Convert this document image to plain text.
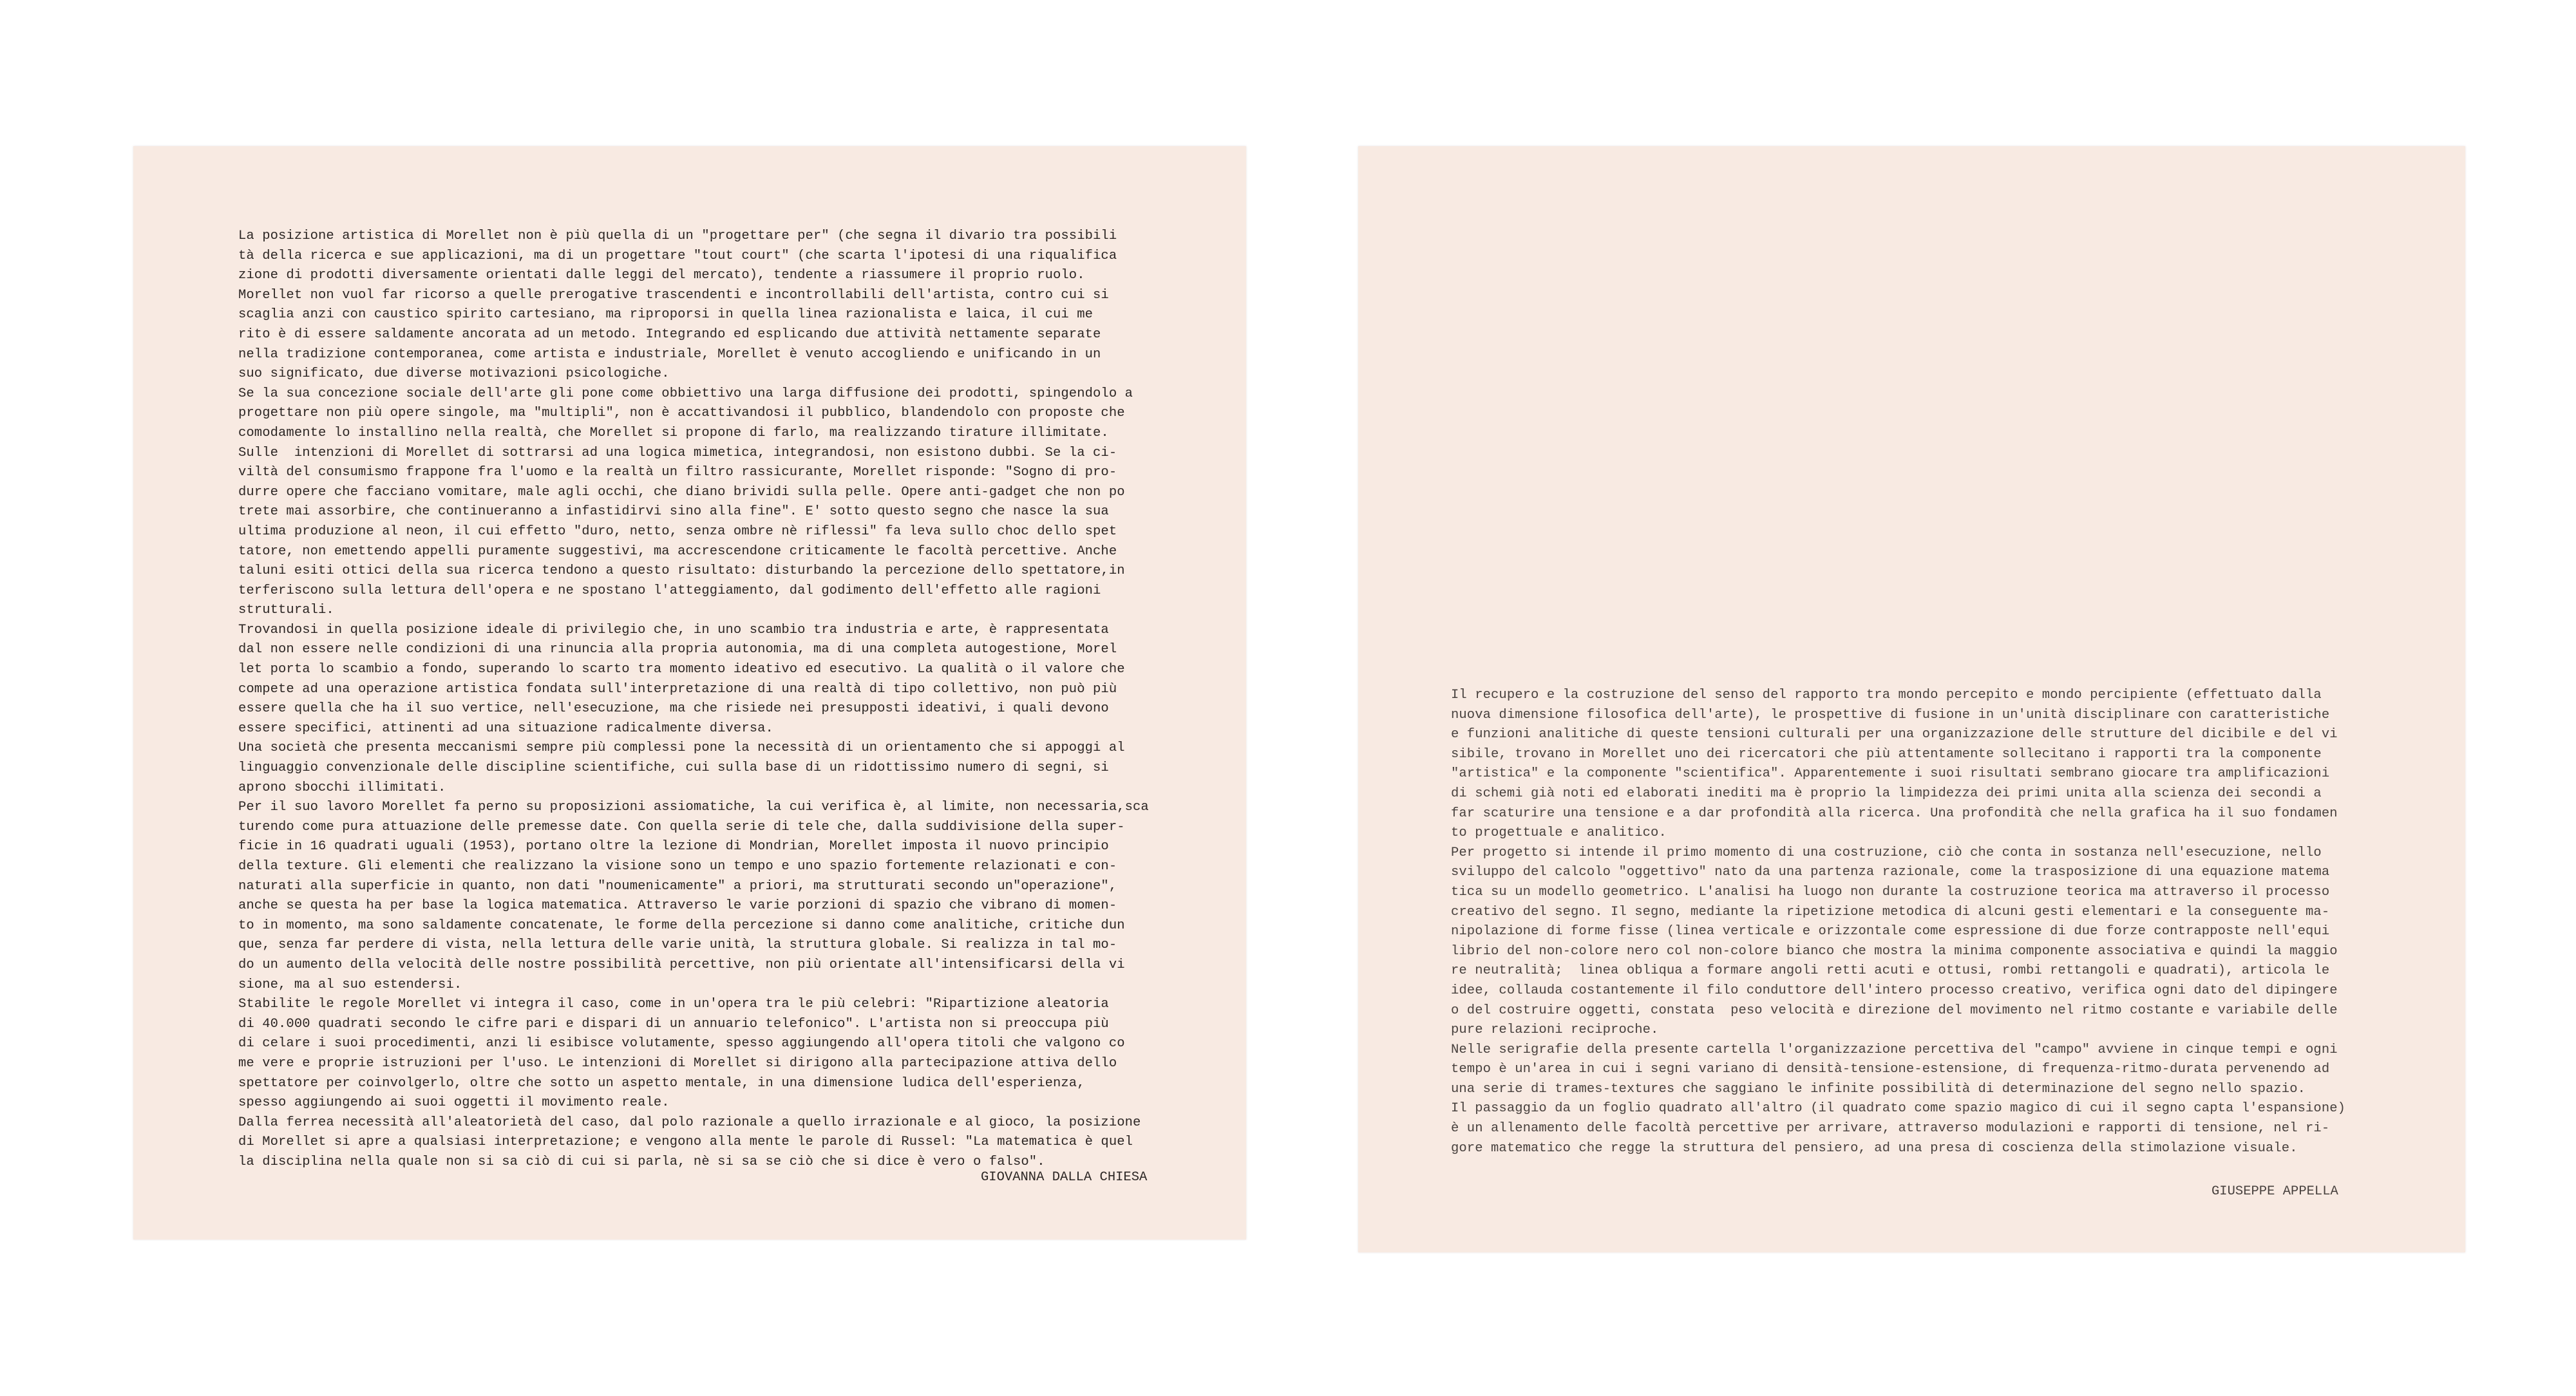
La posizione artistica di Morellet non è più quella di un "progettare per" (che segna il divario tra possibili
tà della ricerca e sue applicazioni, ma di un progettare "tout court" (che scarta l'ipotesi di una riqualifica
zione di prodotti diversamente orientati dalle leggi del mercato), tendente a riassumere il proprio ruolo.
Morellet non vuol far ricorso a quelle prerogative trascendenti e incontrollabili dell'artista, contro cui si
scaglia anzi con caustico spirito cartesiano, ma riproporsi in quella linea razionalista e laica, il cui me
rito è di essere saldamente ancorata ad un metodo. Integrando ed esplicando due attività nettamente separate
nella tradizione contemporanea, come artista e industriale, Morellet è venuto accogliendo e unificando in un
suo significato, due diverse motivazioni psicologiche.
Se la sua concezione sociale dell'arte gli pone come obbiettivo una larga diffusione dei prodotti, spingendolo a
progettare non più opere singole, ma "multipli", non è accattivandosi il pubblico, blandendolo con proposte che
comodamente lo installino nella realtà, che Morellet si propone di farlo, ma realizzando tirature illimitate.
Sulle  intenzioni di Morellet di sottrarsi ad una logica mimetica, integrandosi, non esistono dubbi. Se la ci-
viltà del consumismo frappone fra l'uomo e la realtà un filtro rassicurante, Morellet risponde: "Sogno di pro-
durre opere che facciano vomitare, male agli occhi, che diano brividi sulla pelle. Opere anti-gadget che non po
trete mai assorbire, che continueranno a infastidirvi sino alla fine". E' sotto questo segno che nasce la sua
ultima produzione al neon, il cui effetto "duro, netto, senza ombre nè riflessi" fa leva sullo choc dello spet
tatore, non emettendo appelli puramente suggestivi, ma accrescendone criticamente le facoltà percettive. Anche
taluni esiti ottici della sua ricerca tendono a questo risultato: disturbando la percezione dello spettatore,in
terferiscono sulla lettura dell'opera e ne spostano l'atteggiamento, dal godimento dell'effetto alle ragioni
strutturali.
Trovandosi in quella posizione ideale di privilegio che, in uno scambio tra industria e arte, è rappresentata
dal non essere nelle condizioni di una rinuncia alla propria autonomia, ma di una completa autogestione, Morel
let porta lo scambio a fondo, superando lo scarto tra momento ideativo ed esecutivo. La qualità o il valore che
compete ad una operazione artistica fondata sull'interpretazione di una realtà di tipo collettivo, non può più
essere quella che ha il suo vertice, nell'esecuzione, ma che risiede nei presupposti ideativi, i quali devono
essere specifici, attinenti ad una situazione radicalmente diversa.
Una società che presenta meccanismi sempre più complessi pone la necessità di un orientamento che si appoggi al
linguaggio convenzionale delle discipline scientifiche, cui sulla base di un ridottissimo numero di segni, si
aprono sbocchi illimitati.
Per il suo lavoro Morellet fa perno su proposizioni assiomatiche, la cui verifica è, al limite, non necessaria,sca
turendo come pura attuazione delle premesse date. Con quella serie di tele che, dalla suddivisione della super-
ficie in 16 quadrati uguali (1953), portano oltre la lezione di Mondrian, Morellet imposta il nuovo principio
della texture. Gli elementi che realizzano la visione sono un tempo e uno spazio fortemente relazionati e con-
naturati alla superficie in quanto, non dati "noumenicamente" a priori, ma strutturati secondo un"operazione",
anche se questa ha per base la logica matematica. Attraverso le varie porzioni di spazio che vibrano di momen-
to in momento, ma sono saldamente concatenate, le forme della percezione si danno come analitiche, critiche dun
que, senza far perdere di vista, nella lettura delle varie unità, la struttura globale. Si realizza in tal mo-
do un aumento della velocità delle nostre possibilità percettive, non più orientate all'intensificarsi della vi
sione, ma al suo estendersi.
Stabilite le regole Morellet vi integra il caso, come in un'opera tra le più celebri: "Ripartizione aleatoria
di 40.000 quadrati secondo le cifre pari e dispari di un annuario telefonico". L'artista non si preoccupa più
di celare i suoi procedimenti, anzi li esibisce volutamente, spesso aggiungendo all'opera titoli che valgono co
me vere e proprie istruzioni per l'uso. Le intenzioni di Morellet si dirigono alla partecipazione attiva dello
spettatore per coinvolgerlo, oltre che sotto un aspetto mentale, in una dimensione ludica dell'esperienza,
spesso aggiungendo ai suoi oggetti il movimento reale.
Dalla ferrea necessità all'aleatorietà del caso, dal polo razionale a quello irrazionale e al gioco, la posizione
di Morellet si apre a qualsiasi interpretazione; e vengono alla mente le parole di Russel: "La matematica è quel
la disciplina nella quale non si sa ciò di cui si parla, nè si sa se ciò che si dice è vero o falso".

GIOVANNA DALLA CHIESA

Il recupero e la costruzione del senso del rapporto tra mondo percepito e mondo percipiente (effettuato dalla
nuova dimensione filosofica dell'arte), le prospettive di fusione in un'unità disciplinare con caratteristiche
e funzioni analitiche di queste tensioni culturali per una organizzazione delle strutture del dicibile e del vi
sibile, trovano in Morellet uno dei ricercatori che più attentamente sollecitano i rapporti tra la componente
"artistica" e la componente "scientifica". Apparentemente i suoi risultati sembrano giocare tra amplificazioni
di schemi già noti ed elaborati inediti ma è proprio la limpidezza dei primi unita alla scienza dei secondi a
far scaturire una tensione e a dar profondità alla ricerca. Una profondità che nella grafica ha il suo fondamen
to progettuale e analitico.
Per progetto si intende il primo momento di una costruzione, ciò che conta in sostanza nell'esecuzione, nello
sviluppo del calcolo "oggettivo" nato da una partenza razionale, come la trasposizione di una equazione matema
tica su un modello geometrico. L'analisi ha luogo non durante la costruzione teorica ma attraverso il processo
creativo del segno. Il segno, mediante la ripetizione metodica di alcuni gesti elementari e la conseguente ma-
nipolazione di forme fisse (linea verticale e orizzontale come espressione di due forze contrapposte nell'equi
librio del non-colore nero col non-colore bianco che mostra la minima componente associativa e quindi la maggio
re neutralità;  linea obliqua a formare angoli retti acuti e ottusi, rombi rettangoli e quadrati), articola le
idee, collauda costantemente il filo conduttore dell'intero processo creativo, verifica ogni dato del dipingere
o del costruire oggetti, constata  peso velocità e direzione del movimento nel ritmo costante e variabile delle
pure relazioni reciproche.
Nelle serigrafie della presente cartella l'organizzazione percettiva del "campo" avviene in cinque tempi e ogni
tempo è un'area in cui i segni variano di densità-tensione-estensione, di frequenza-ritmo-durata pervenendo ad
una serie di trames-textures che saggiano le infinite possibilità di determinazione del segno nello spazio.
Il passaggio da un foglio quadrato all'altro (il quadrato come spazio magico di cui il segno capta l'espansione)
è un allenamento delle facoltà percettive per arrivare, attraverso modulazioni e rapporti di tensione, nel ri-
gore matematico che regge la struttura del pensiero, ad una presa di coscienza della stimolazione visuale.

GIUSEPPE APPELLA
